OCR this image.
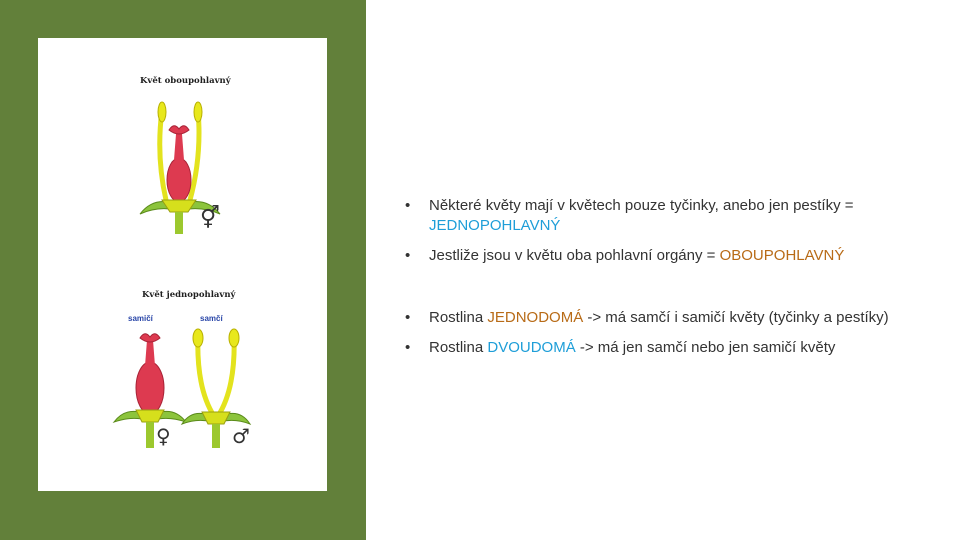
Květ oboupohlavný
⚥
Květ jednopohlavný
samičí	samčí
♀	♂
• Některé květy mají v květech pouze tyčinky, anebo jen pestíky = JEDNOPOHLAVNÝ
• Jestliže jsou v květu oba pohlavní orgány = OBOUPOHLAVNÝ
• Rostlina JEDNODOMÁ -> má samčí i samičí květy (tyčinky a pestíky)
• Rostlina DVOUDOMÁ -> má jen samčí nebo jen samičí květy
